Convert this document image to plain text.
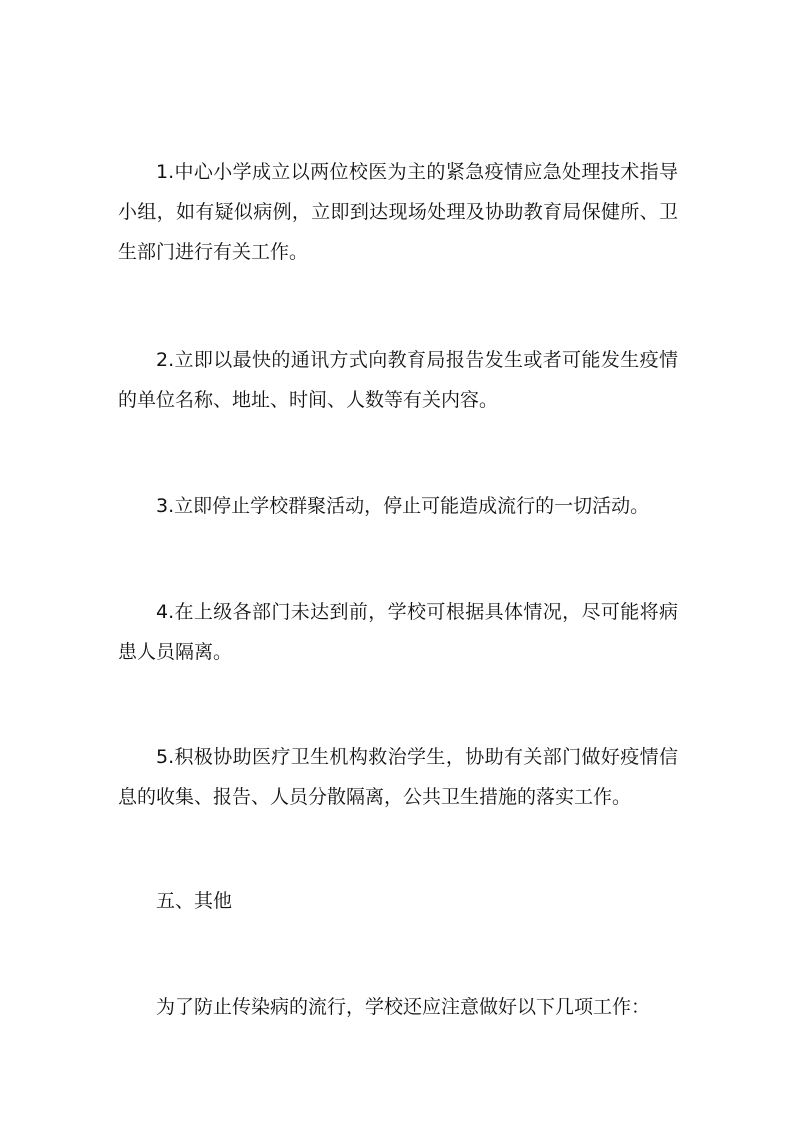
1.中心小学成立以两位校医为主的紧急疫情应急处理技术指导小组，如有疑似病例，立即到达现场处理及协助教育局保健所、卫生部门进行有关工作。

2.立即以最快的通讯方式向教育局报告发生或者可能发生疫情的单位名称、地址、时间、人数等有关内容。

3.立即停止学校群聚活动，停止可能造成流行的一切活动。

4.在上级各部门未达到前，学校可根据具体情况，尽可能将病患人员隔离。

5.积极协助医疗卫生机构救治学生，协助有关部门做好疫情信息的收集、报告、人员分散隔离，公共卫生措施的落实工作。

五、其他

为了防止传染病的流行，学校还应注意做好以下几项工作：
